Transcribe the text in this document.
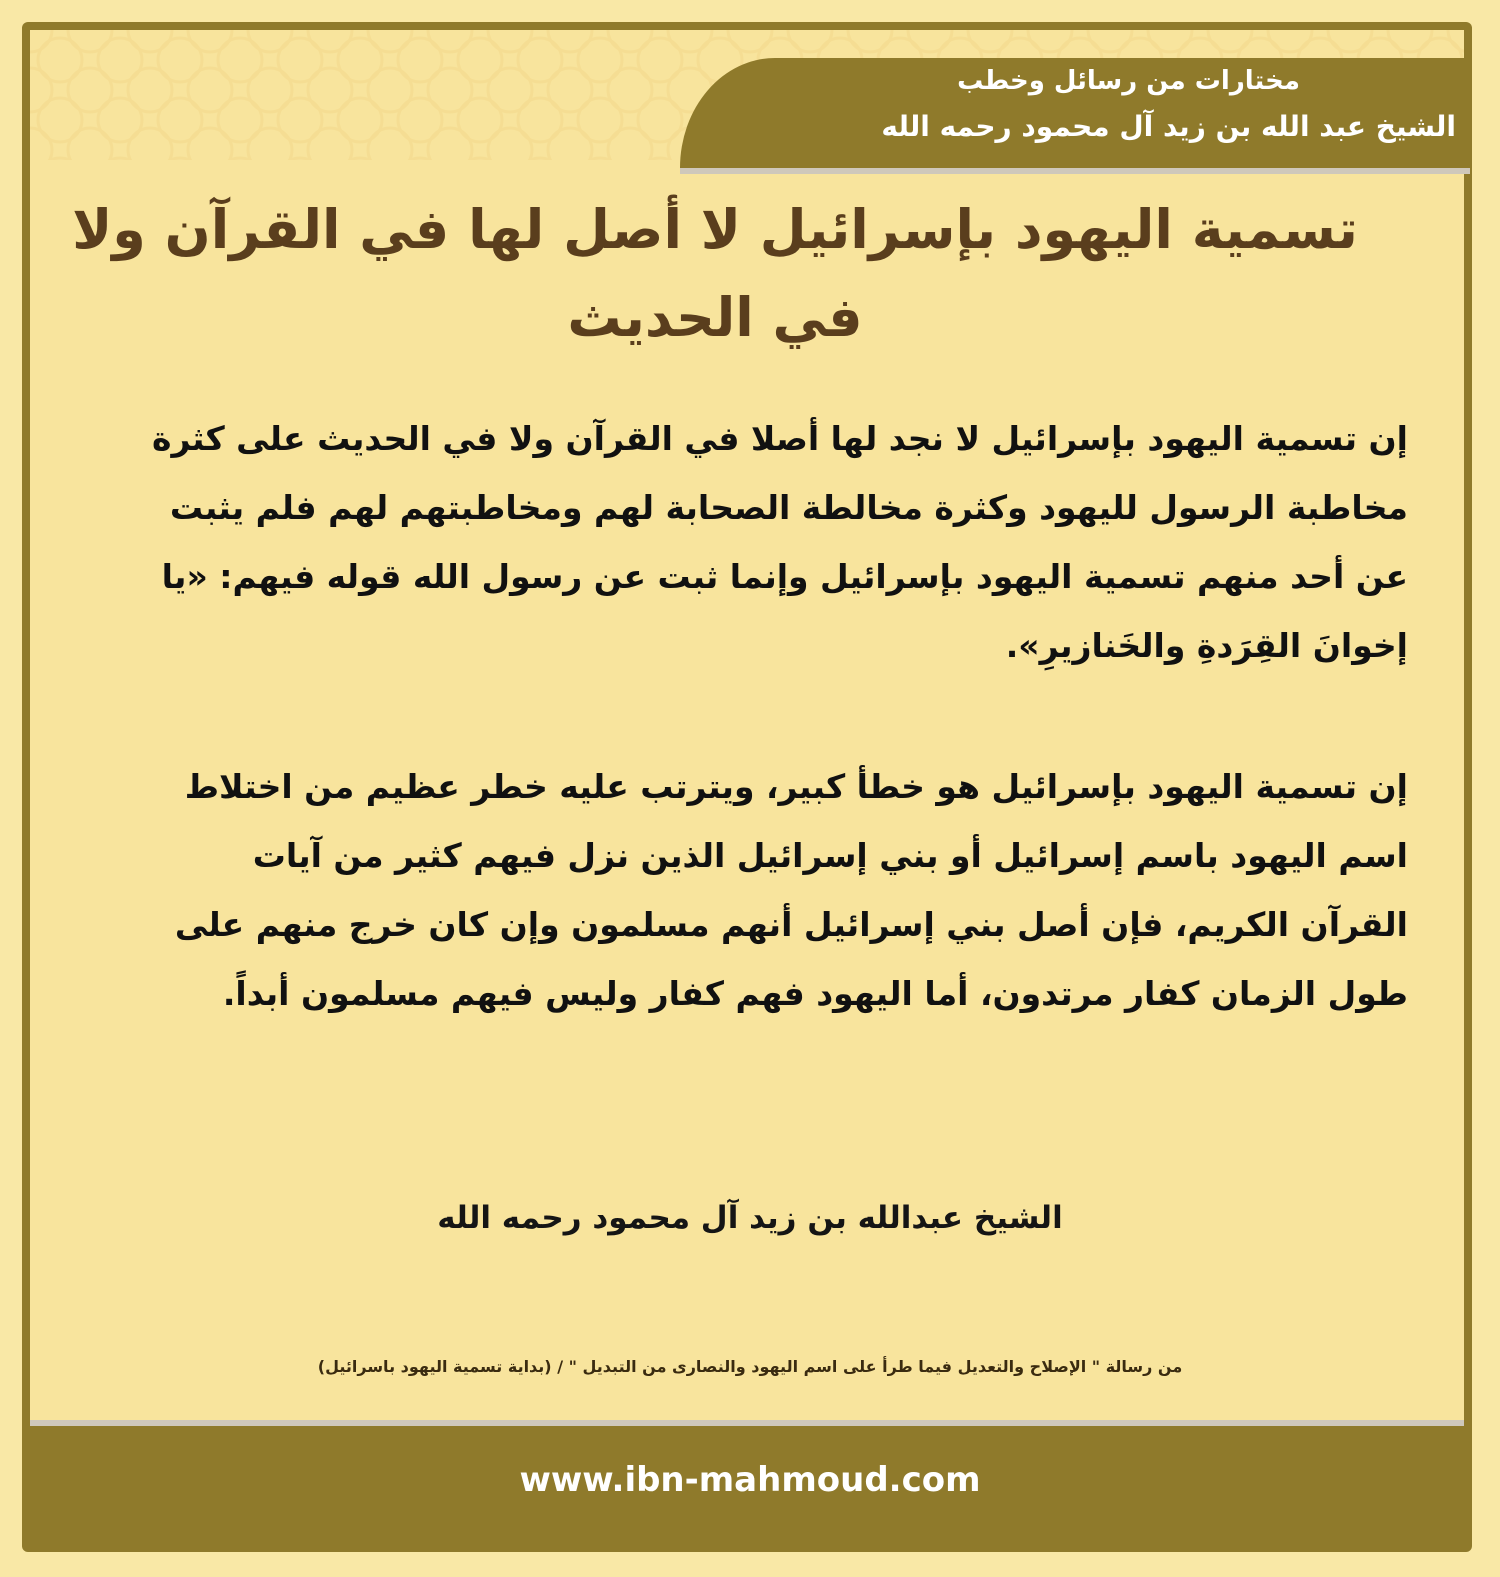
مختارات من رسائل وخطب
الشيخ عبد الله بن زيد آل محمود رحمه الله
تسمية اليهود بإسرائيل لا أصل لها في القرآن ولا في الحديث

إن تسمية اليهود بإسرائيل لا نجد لها أصلا في القرآن ولا في الحديث على كثرة مخاطبة الرسول لليهود وكثرة مخالطة الصحابة لهم ومخاطبتهم لهم فلم يثبت عن أحد منهم تسمية اليهود بإسرائيل وإنما ثبت عن رسول الله قوله فيهم: «يا إخوانَ القِرَدةِ والخَنازيرِ».

إن تسمية اليهود بإسرائيل هو خطأ كبير، ويترتب عليه خطر عظيم من اختلاط اسم اليهود باسم إسرائيل أو بني إسرائيل الذين نزل فيهم كثير من آيات القرآن الكريم، فإن أصل بني إسرائيل أنهم مسلمون وإن كان خرج منهم على طول الزمان كفار مرتدون، أما اليهود فهم كفار وليس فيهم مسلمون أبداً.

الشيخ عبدالله بن زيد آل محمود رحمه الله
من رسالة " الإصلاح والتعديل فيما طرأ على اسم اليهود والنصارى من التبديل " / (بداية تسمية اليهود باسرائيل)
www.ibn-mahmoud.com
